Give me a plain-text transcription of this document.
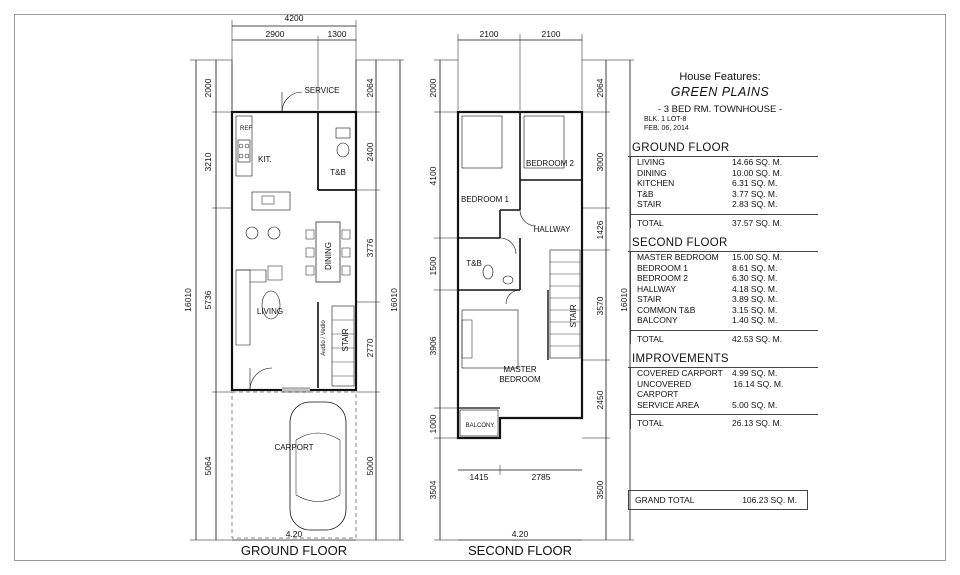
4200
2900	1300
16010
2000
3210
5736
5064
2064
2400
3776
2770
5000
16010
4.20
SERVICE
REF
KIT.
T&B
DINING
LIVING
Audio / Vedio STAIR
CARPORT
GROUND FLOOR
2100	2100
2000
4100
1500
3906
1000
3504
2064
3000
1426
3570 16010
2450
3500
1415	2785
4.20
BEDROOM 1
BEDROOM 2
HALLWAY
T&B
STAIR
MASTER
BEDROOM
BALCONY
SECOND FLOOR
House Features:
GREEN PLAINS
- 3 BED RM. TOWNHOUSE -
BLK. 1 LOT-8
FEB. 06, 2014
GROUND FLOOR
LIVING	14.66 SQ. M.
DINING	10.00 SQ. M.
KITCHEN	6.31 SQ. M.
T&B	3.77 SQ. M.
STAIR	2.83 SQ. M.
TOTAL	37.57 SQ. M.
SECOND FLOOR
MASTER BEDROOM 15.00 SQ. M.
BEDROOM 1	8.61 SQ. M.
BEDROOM 2	6.30 SQ. M.
HALLWAY	4.18 SQ. M.
STAIR	3.89 SQ. M.
COMMON T&B	3.15 SQ. M.
BALCONY	1.40 SQ. M.
TOTAL	42.53 SQ. M.
IMPROVEMENTS
COVERED CARPORT 4.99 SQ. M.
UNCOVERED CARPORT
16.14 SQ. M.
SERVICE AREA	5.00 SQ. M.
TOTAL	26.13 SQ. M.
GRAND TOTAL	106.23 SQ. M.
